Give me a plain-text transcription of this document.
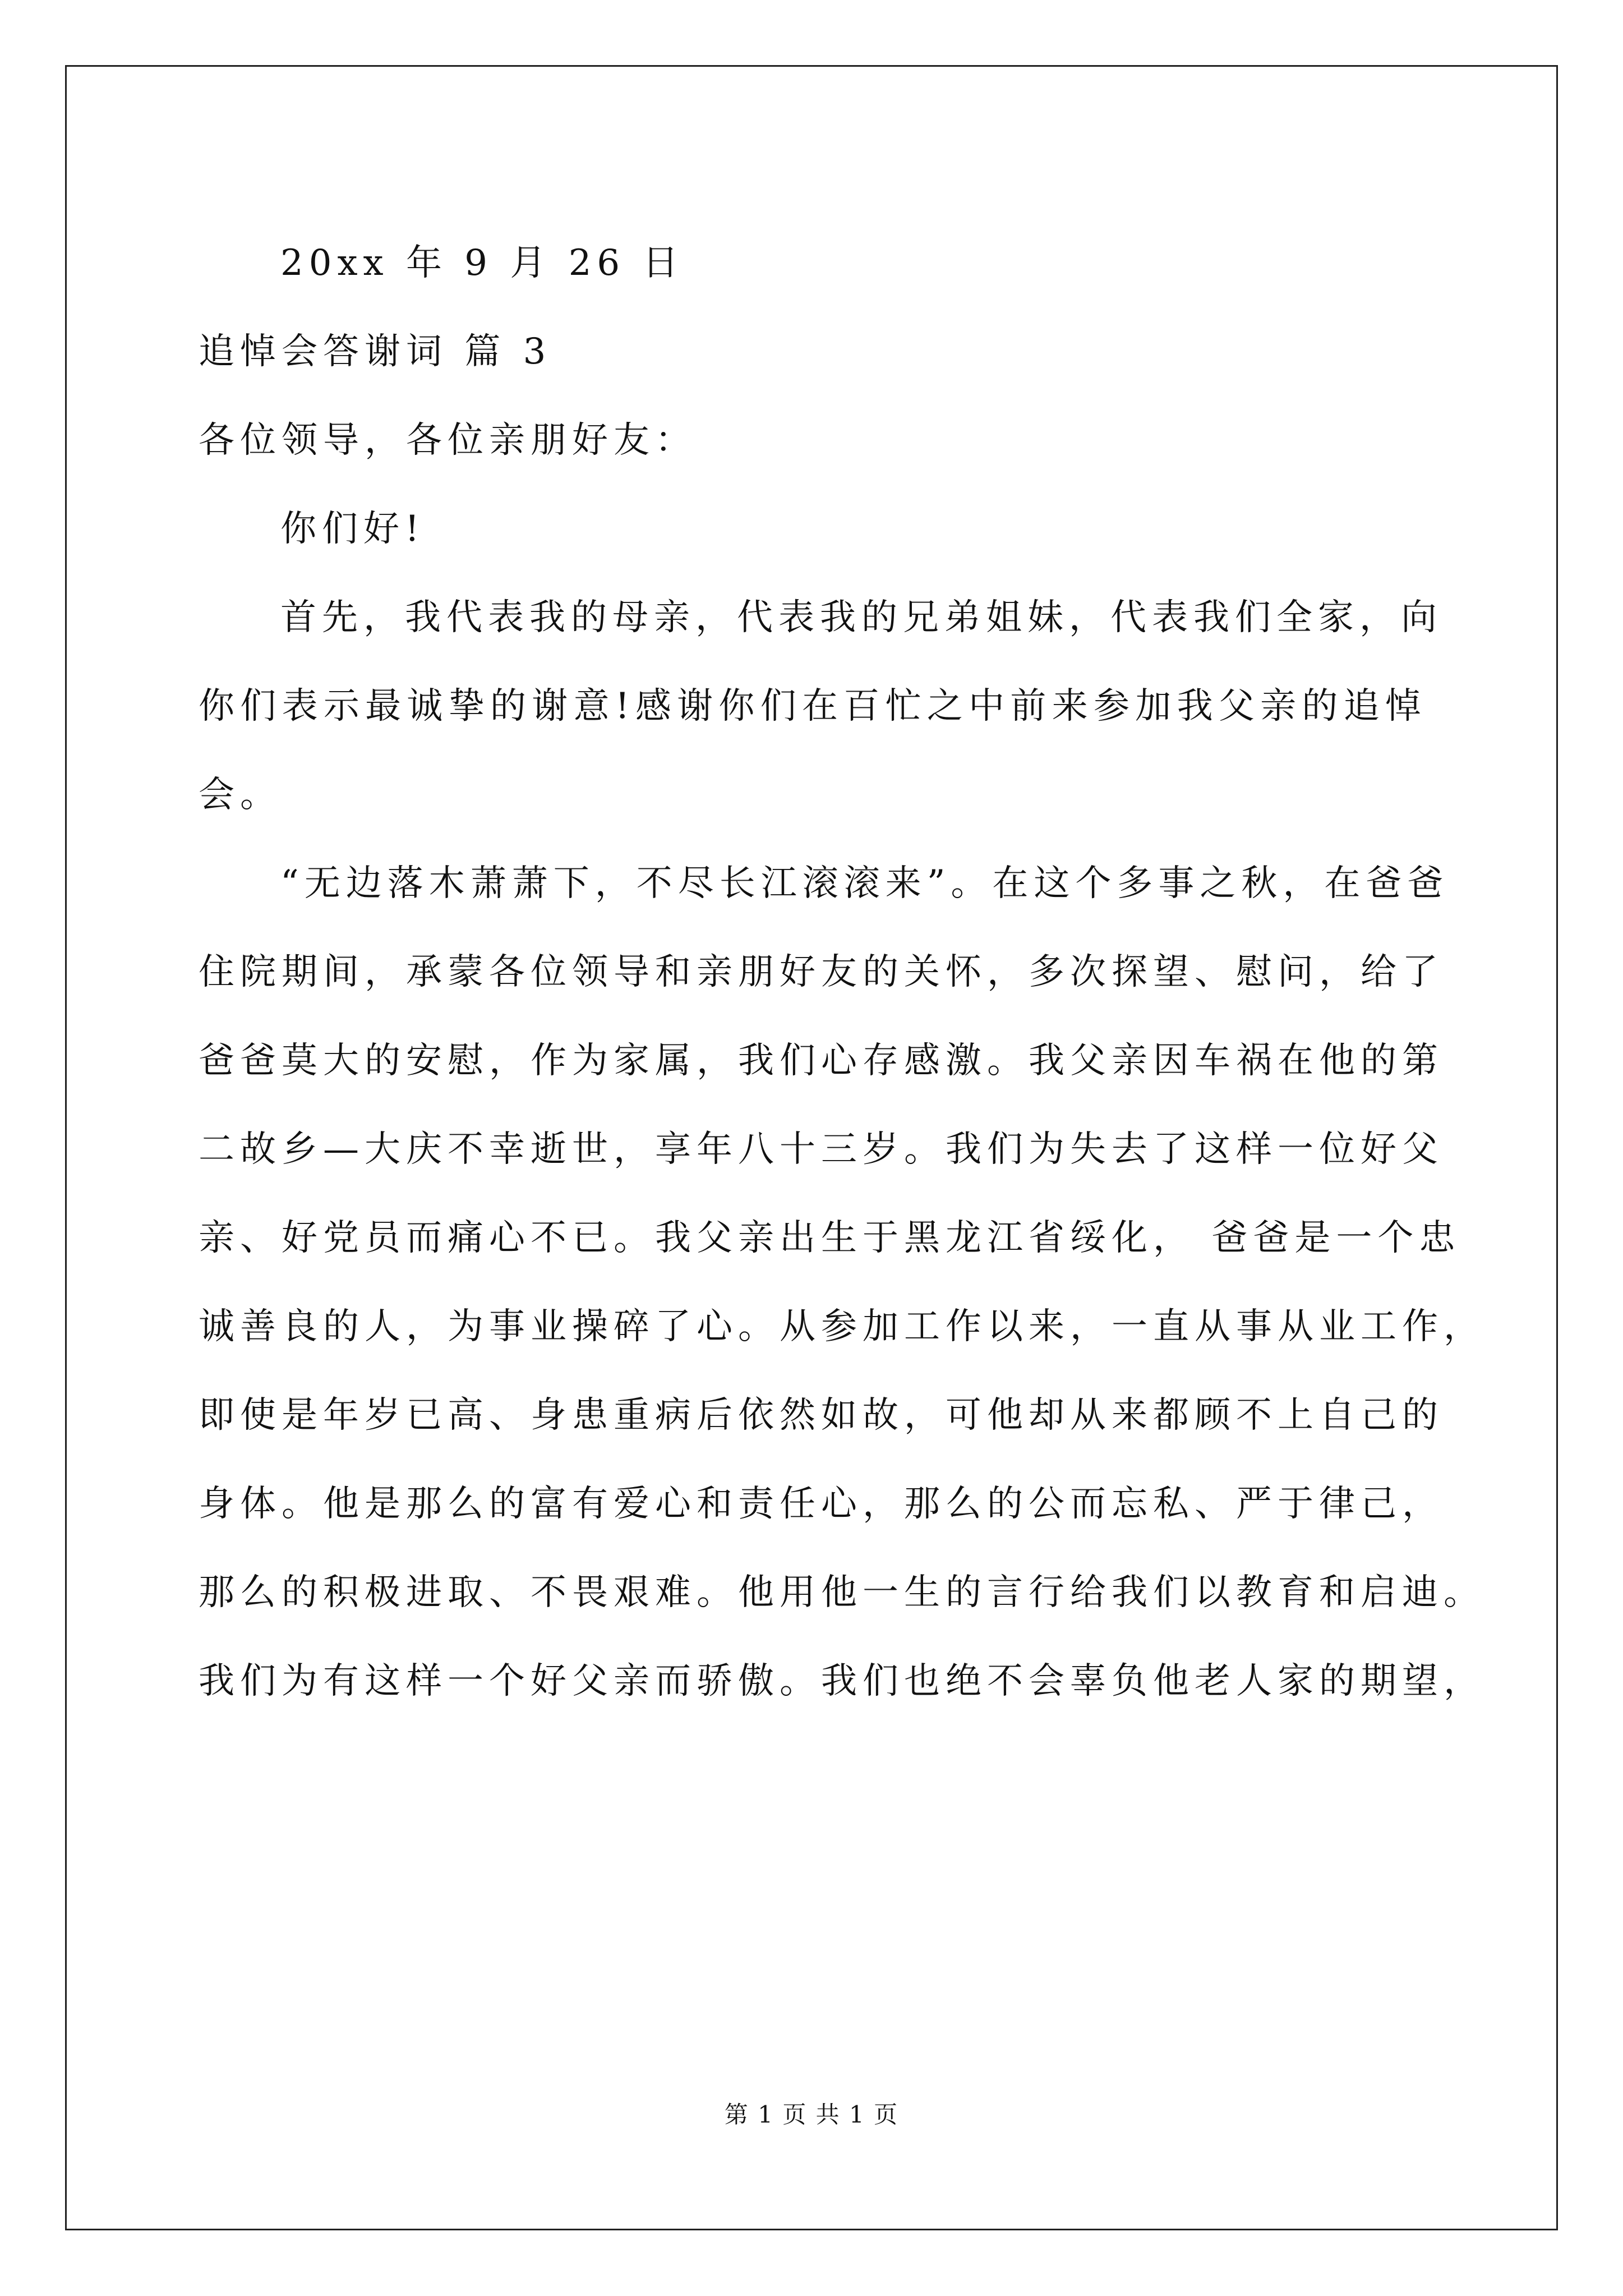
20xx 年 9 月 26 日
追悼会答谢词 篇 3
各位领导，各位亲朋好友：
你们好!
首先，我代表我的母亲，代表我的兄弟姐妹，代表我们全家，向
你们表示最诚挚的谢意!感谢你们在百忙之中前来参加我父亲的追悼
会。
“无边落木萧萧下，不尽长江滚滚来”。在这个多事之秋，在爸爸
住院期间，承蒙各位领导和亲朋好友的关怀，多次探望、慰问，给了
爸爸莫大的安慰，作为家属，我们心存感激。我父亲因车祸在他的第
二故乡—大庆不幸逝世，享年八十三岁。我们为失去了这样一位好父
亲、好党员而痛心不已。我父亲出生于黑龙江省绥化， 爸爸是一个忠
诚善良的人，为事业操碎了心。从参加工作以来，一直从事从业工作，
即使是年岁已高、身患重病后依然如故，可他却从来都顾不上自己的
身体。他是那么的富有爱心和责任心，那么的公而忘私、严于律己，
那么的积极进取、不畏艰难。他用他一生的言行给我们以教育和启迪。
我们为有这样一个好父亲而骄傲。我们也绝不会辜负他老人家的期望，
第 1 页 共 1 页
